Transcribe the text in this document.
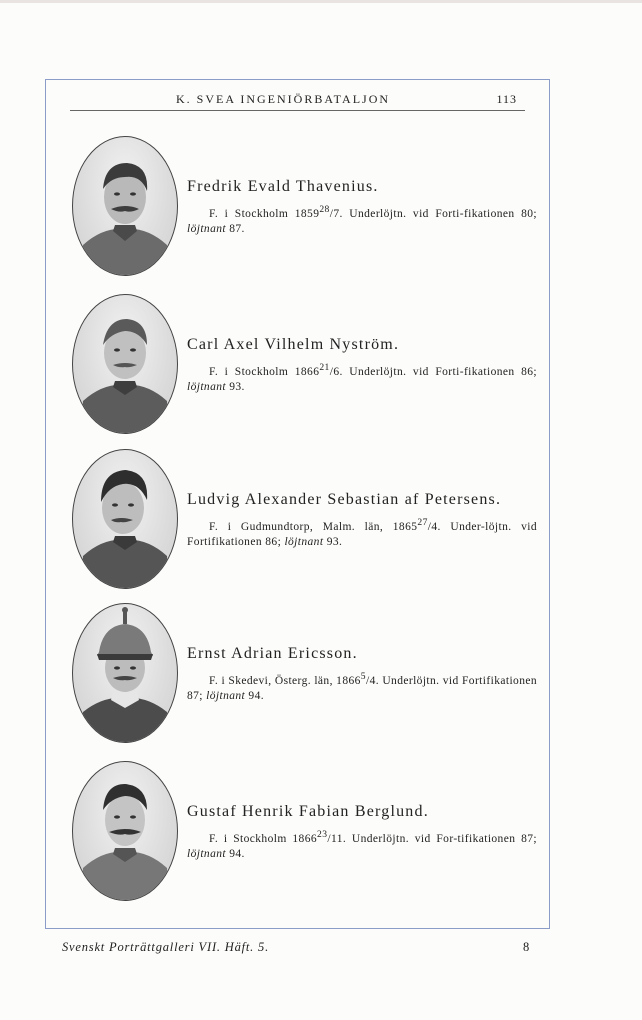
K. SVEA INGENIÖRBATALJON	113

Fredrik Evald Thavenius.

F. i Stockholm 1859$^{28}$/7. Underlöjtn. vid Forti-fikationen 80; löjtnant 87.

Carl Axel Vilhelm Nyström.

F. i Stockholm 1866$^{21}$/6. Underlöjtn. vid Forti-fikationen 86; löjtnant 93.

Ludvig Alexander Sebastian af Petersens.

F. i Gudmundtorp, Malm. län, 1865$^{27}$/4. Under-löjtn. vid Fortifikationen 86; löjtnant 93.

Ernst Adrian Ericsson.

F. i Skedevi, Österg. län, 1866$^5$/4. Underlöjtn. vid Fortifikationen 87; löjtnant 94.

Gustaf Henrik Fabian Berglund.

F. i Stockholm 1866$^{23}$/11. Underlöjtn. vid For-tifikationen 87; löjtnant 94.

Svenskt Porträttgalleri VII. Häft. 5.	8
